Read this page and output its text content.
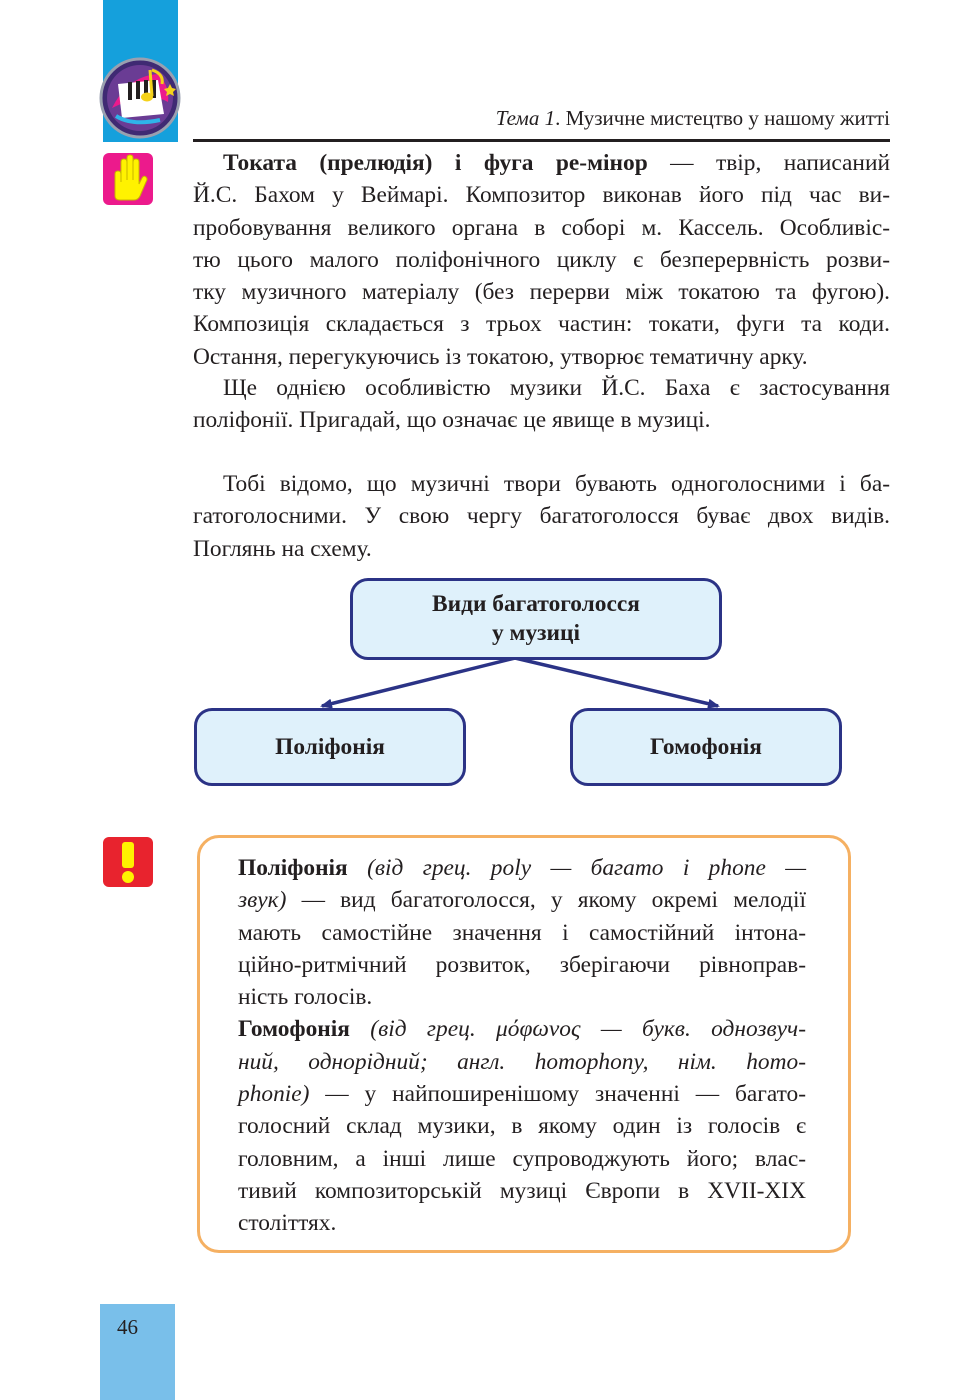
Тема 1. Музичне мистецтво у нашому житті
Токата (прелюдія) і фуга ре-мінор — твір, написаний
Й.С. Бахом у Веймарі. Композитор виконав його під час ви-
пробовування великого органа в соборі м. Кассель. Особливіс-
тю цього малого поліфонічного циклу є безперервність розви-
тку музичного матеріалу (без перерви між токатою та фугою).
Композиція складається з трьох частин: токати, фуги та коди.
Остання, перегукуючись із токатою, утворює тематичну арку.
Ще однією особливістю музики Й.С. Баха є застосування
поліфонії. Пригадай, що означає це явище в музиці.
Тобі відомо, що музичні твори бувають одноголосними і ба-
гатоголосними. У свою чергу багатоголосся буває двох видів.
Поглянь на схему.
Види багатоголосся
у музиці
Поліфонія	Гомофонія
Поліфонія (від грец. poly — багато і phone —
звук) — вид багатоголосся, у якому окремі мелодії
мають самостійне значення і самостійний інтона-
ційно-ритмічний розвиток, зберігаючи рівноправ-
ність голосів.
Гомофонія (від грец. μόφωνος — букв. однозвуч-
ний, однорідний; англ. homophony, нім. homo-
phonie) — у найпоширенішому значенні — багато-
голосний склад музики, в якому один із голосів є
головним, а інші лише супроводжують його; влас-
тивий композиторській музиці Європи в XVII-XIX
століттях.
46
